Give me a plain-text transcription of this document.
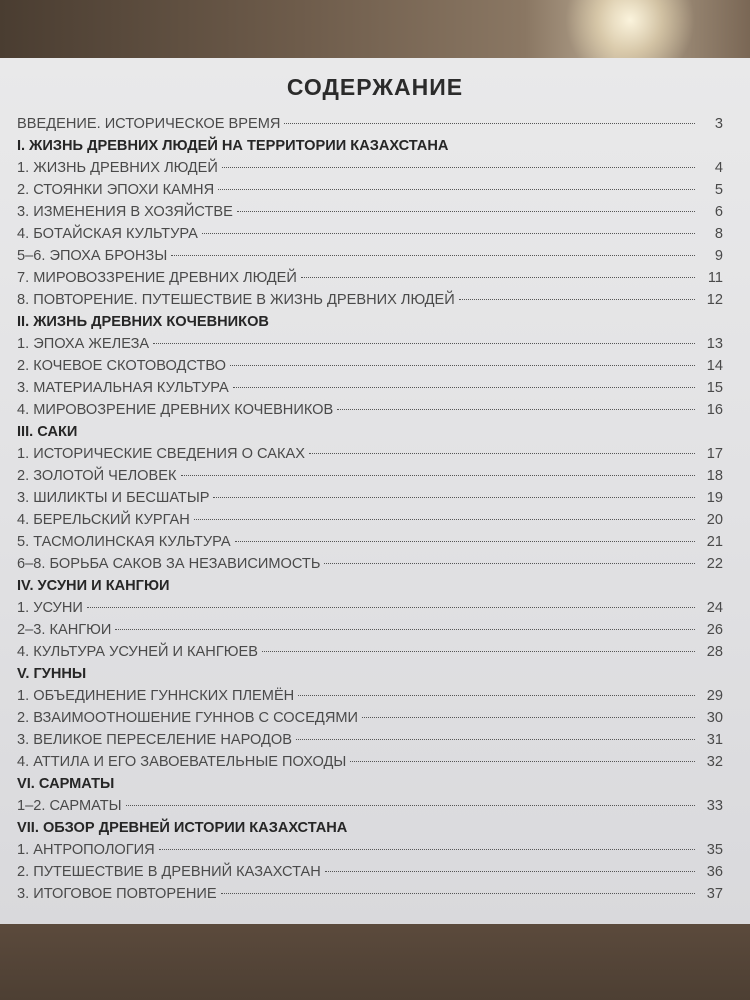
СОДЕРЖАНИЕ
ВВЕДЕНИЕ. ИСТОРИЧЕСКОЕ ВРЕМЯ	3
I. ЖИЗНЬ ДРЕВНИХ ЛЮДЕЙ НА ТЕРРИТОРИИ КАЗАХСТАНА
1. ЖИЗНЬ ДРЕВНИХ ЛЮДЕЙ	4
2. СТОЯНКИ ЭПОХИ КАМНЯ	5
3. ИЗМЕНЕНИЯ В ХОЗЯЙСТВЕ	6
4. БОТАЙСКАЯ КУЛЬТУРА	8
5–6. ЭПОХА БРОНЗЫ	9
7. МИРОВОЗЗРЕНИЕ ДРЕВНИХ ЛЮДЕЙ	11
8. ПОВТОРЕНИЕ. ПУТЕШЕСТВИЕ В ЖИЗНЬ ДРЕВНИХ ЛЮДЕЙ	12
II. ЖИЗНЬ ДРЕВНИХ КОЧЕВНИКОВ
1. ЭПОХА ЖЕЛЕЗА	13
2. КОЧЕВОЕ СКОТОВОДСТВО	14
3. МАТЕРИАЛЬНАЯ КУЛЬТУРА	15
4. МИРОВОЗРЕНИЕ ДРЕВНИХ КОЧЕВНИКОВ	16
III. САКИ
1. ИСТОРИЧЕСКИЕ СВЕДЕНИЯ О САКАХ	17
2. ЗОЛОТОЙ ЧЕЛОВЕК	18
3. ШИЛИКТЫ И БЕСШАТЫР	19
4. БЕРЕЛЬСКИЙ КУРГАН	20
5. ТАСМОЛИНСКАЯ КУЛЬТУРА	21
6–8. БОРЬБА САКОВ ЗА НЕЗАВИСИМОСТЬ	22
IV. УСУНИ И КАНГЮИ
1. УСУНИ	24
2–3. КАНГЮИ	26
4. КУЛЬТУРА УСУНЕЙ И КАНГЮЕВ	28
V. ГУННЫ
1. ОБЪЕДИНЕНИЕ ГУННСКИХ ПЛЕМЁН	29
2. ВЗАИМООТНОШЕНИЕ ГУННОВ С СОСЕДЯМИ	30
3. ВЕЛИКОЕ ПЕРЕСЕЛЕНИЕ НАРОДОВ	31
4. АТТИЛА И ЕГО ЗАВОЕВАТЕЛЬНЫЕ ПОХОДЫ	32
VI. САРМАТЫ
1–2. САРМАТЫ	33
VII. ОБЗОР ДРЕВНЕЙ ИСТОРИИ КАЗАХСТАНА
1. АНТРОПОЛОГИЯ	35
2. ПУТЕШЕСТВИЕ В ДРЕВНИЙ КАЗАХСТАН	36
3. ИТОГОВОЕ ПОВТОРЕНИЕ	37
